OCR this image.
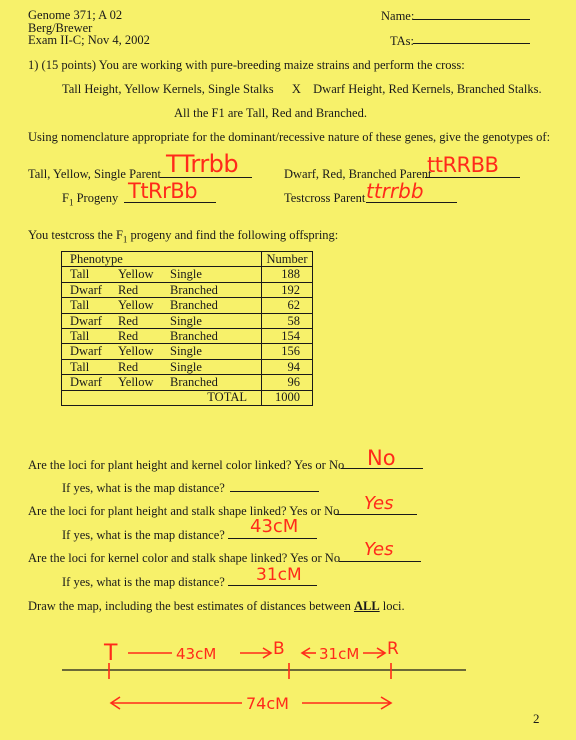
Genome 371; A 02
Berg/Brewer
Exam II-C; Nov 4, 2002
Name:
TAs:
1) (15 points) You are working with pure-breeding maize strains and perform the cross:
Tall Height, Yellow Kernels, Single Stalks X Dwarf Height, Red Kernels, Branched Stalks.
All the F1 are Tall, Red and Branched.
Using nomenclature appropriate for the dominant/recessive nature of these genes, give the genotypes of:
Tall, Yellow, Single Parent TTrrbb	Dwarf, Red, Branched Parent
ttRRBB
$F_1$ Progeny TtRrBb	Testcross Parent ttrrbb
You testcross the $F_1$ progeny and find the following offspring:
Phenotype	Number
Tall Yellow Single	188
Dwarf Red Branched	192
Tall Yellow Branched	62
Dwarf Red Single	58
Tall Red Branched	154
Dwarf Yellow Single	156
Tall Red Single	94
Dwarf Yellow Branched	96
TOTAL	1000
Are the loci for plant height and kernel color linked? Yes or No No
If yes, what is the map distance?
Are the loci for plant height and stalk shape linked? Yes or No Yes
If yes, what is the map distance? 43cM
Are the loci for kernel color and stalk shape linked? Yes or No Yes
If yes, what is the map distance? 31cM
Draw the map, including the best estimates of distances between ALL loci.
T	43cM	B 31cM R
74cM
2
